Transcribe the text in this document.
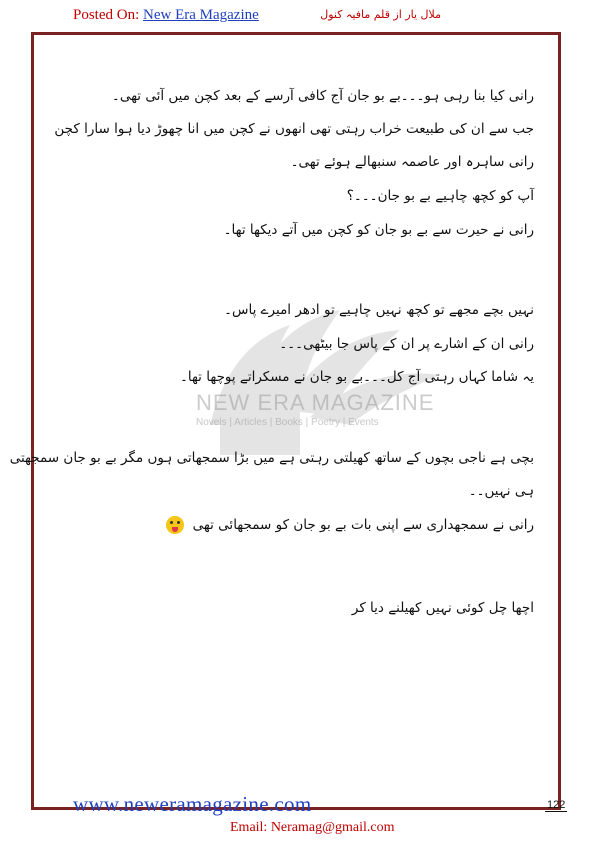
Posted On: New Era Magazine	ملال یار از قلم مافیہ کنول
NEW ERA MAGAZINE
Novels | Articles | Books | Poetry | Events
رانی کیا بنا رہی ہو۔۔۔بے بو جان آج کافی آرسے کے بعد کچن میں آئی تھی۔
جب سے ان کی طبیعت خراب رہتی تھی انھوں نے کچن میں انا چھوڑ دیا ہوا سارا کچن
رانی ساہرہ اور عاصمہ سنبھالے ہوئے تھی۔
آپ کو کچھ چاہیے بے بو جان۔۔۔؟
رانی نے حیرت سے بے بو جان کو کچن میں آتے دیکھا تھا۔
نہیں بچے مجھے تو کچھ نہیں چاہیے تو ادھر امیرے پاس۔
رانی ان کے اشارے پر ان کے پاس جا بیٹھی۔۔۔
یہ شاما کہاں رہتی آج کل۔۔۔بے بو جان نے مسکراتے پوچھا تھا۔
بچی ہے ناجی بچوں کے ساتھ کھیلتی رہتی ہے میں بڑا سمجھاتی ہوں مگر بے بو جان سمجھتی
ہی نہیں۔۔
رانی نے سمجھداری سے اپنی بات بے بو جان کو سمجھائی تھی
اچھا چل کوئی نہیں کھیلنے دیا کر
www.neweramagazine.com	122
Email: Neramag@gmail.com
